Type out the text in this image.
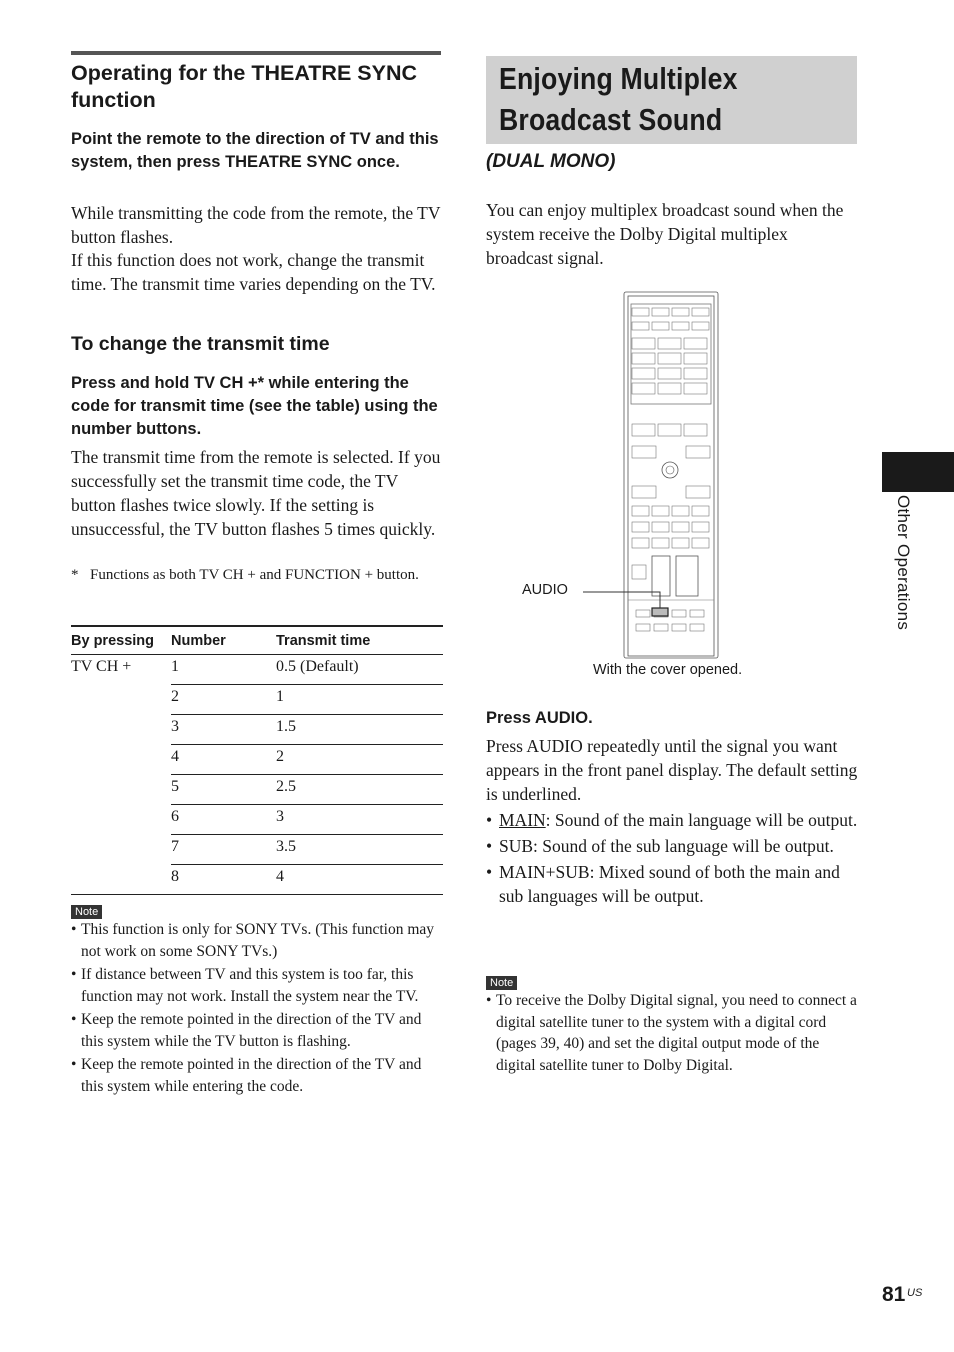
Operating for the THEATRE SYNC function
Point the remote to the direction of TV and this system, then press THEATRE SYNC once.
While transmitting the code from the remote, the TV button flashes.
If this function does not work, change the transmit time. The transmit time varies depending on the TV.
To change the transmit time
Press and hold TV CH +* while entering the code for transmit time (see the table) using the number buttons.
The transmit time from the remote is selected. If you successfully set the transmit time code, the TV button flashes twice slowly. If the setting is unsuccessful, the TV button flashes 5 times quickly.
* Functions as both TV CH + and FUNCTION + button.
By pressing	Number	Transmit time
TV CH +	1	0.5 (Default)
	2	1
	3	1.5
	4	2
	5	2.5
	6	3
	7	3.5
	8	4
Note
• This function is only for SONY TVs. (This function may not work on some SONY TVs.)
• If distance between TV and this system is too far, this function may not work. Install the system near the TV.
• Keep the remote pointed in the direction of the TV and this system while the TV button is flashing.
• Keep the remote pointed in the direction of the TV and this system while entering the code.
Enjoying Multiplex Broadcast Sound
(DUAL MONO)
You can enjoy multiplex broadcast sound when the system receive the Dolby Digital multiplex broadcast signal.
AUDIO
With the cover opened.
Press AUDIO.
Press AUDIO repeatedly until the signal you want appears in the front panel display. The default setting is underlined.
• MAIN: Sound of the main language will be output.
• SUB: Sound of the sub language will be output.
• MAIN+SUB: Mixed sound of both the main and sub languages will be output.
Note
• To receive the Dolby Digital signal, you need to connect a digital satellite tuner to the system with a digital cord (pages 39, 40) and set the digital output mode of the digital satellite tuner to Dolby Digital.
Other Operations
81 US
